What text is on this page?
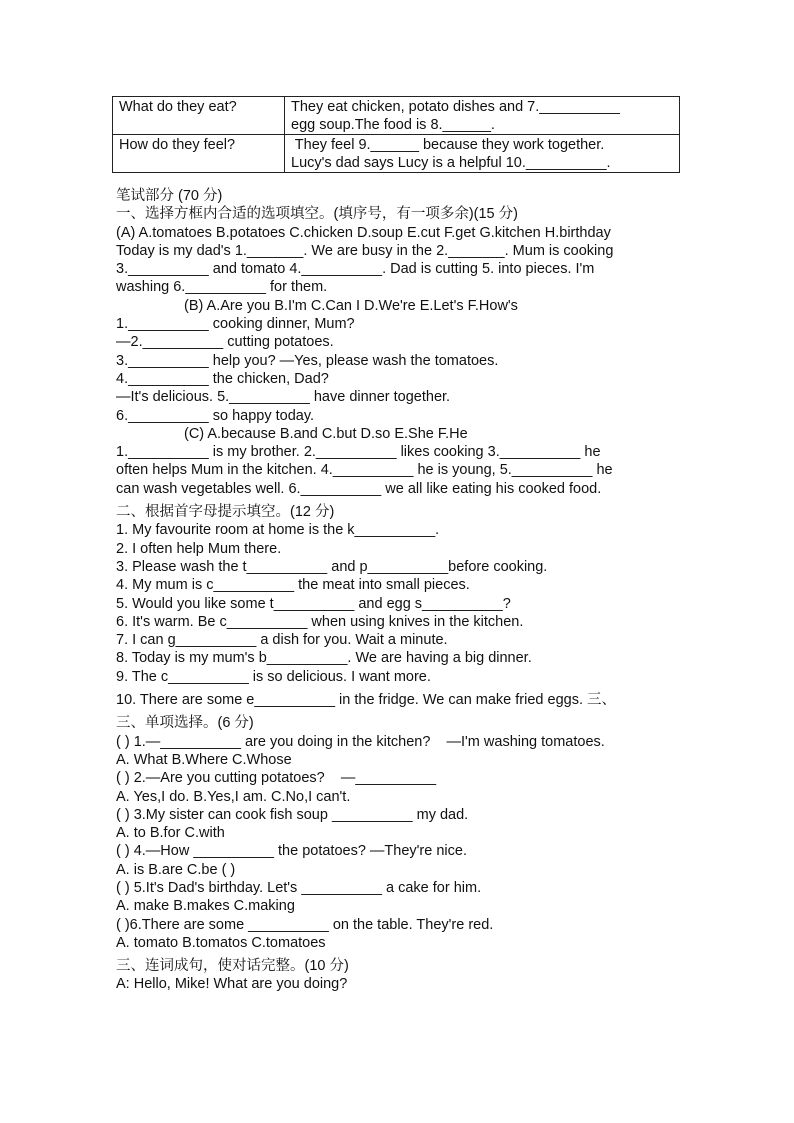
What do they eat?	They eat chicken, potato dishes and 7.__________
egg soup.The food is 8.______.

How do they feel?	They feel 9.______ because they work together.
Lucy's dad says Lucy is a helpful 10.__________.
笔试部分 (70 分)
一、选择方框内合适的选项填空。(填序号，有一项多余)(15 分)
(A) A.tomatoes B.potatoes C.chicken D.soup E.cut F.get G.kitchen H.birthday
Today is my dad's 1._______. We are busy in the 2._______. Mum is cooking
3.__________ and tomato 4.__________. Dad is cutting 5. into pieces. I'm
washing 6.__________ for them.
(B) A.Are you B.I'm C.Can I D.We're E.Let's F.How's
1.__________ cooking dinner, Mum?
—2.__________ cutting potatoes.
3.__________ help you? —Yes, please wash the tomatoes.
4.__________ the chicken, Dad?
—It's delicious. 5.__________ have dinner together.
6.__________ so happy today.
(C) A.because B.and C.but D.so E.She F.He
1.__________ is my brother. 2.__________ likes cooking 3.__________ he
often helps Mum in the kitchen. 4.__________ he is young, 5.__________ he
can wash vegetables well. 6.__________ we all like eating his cooked food.
二、根据首字母提示填空。(12 分)
1. My favourite room at home is the k__________.
2. I often help Mum there.
3. Please wash the t__________ and p__________before cooking.
4. My mum is c__________ the meat into small pieces.
5. Would you like some t__________ and egg s__________?
6. It's warm. Be c__________ when using knives in the kitchen.
7. I can g__________ a dish for you. Wait a minute.
8. Today is my mum's b__________. We are having a big dinner.
9. The c__________ is so delicious. I want more.
10. There are some e__________ in the fridge. We can make fried eggs. 三、
三、单项选择。(6 分)
( ) 1.—__________ are you doing in the kitchen?    —I'm washing tomatoes.
A. What B.Where C.Whose
( ) 2.—Are you cutting potatoes?    —__________
A. Yes,I do. B.Yes,I am. C.No,I can't.
( ) 3.My sister can cook fish soup __________ my dad.
A. to B.for C.with
( ) 4.—How __________ the potatoes? —They're nice.
A. is B.are C.be ( )
( ) 5.It's Dad's birthday. Let's __________ a cake for him.
A. make B.makes C.making
( )6.There are some __________ on the table. They're red.
A. tomato B.tomatos C.tomatoes
三、连词成句，使对话完整。(10 分)
A: Hello, Mike! What are you doing?
